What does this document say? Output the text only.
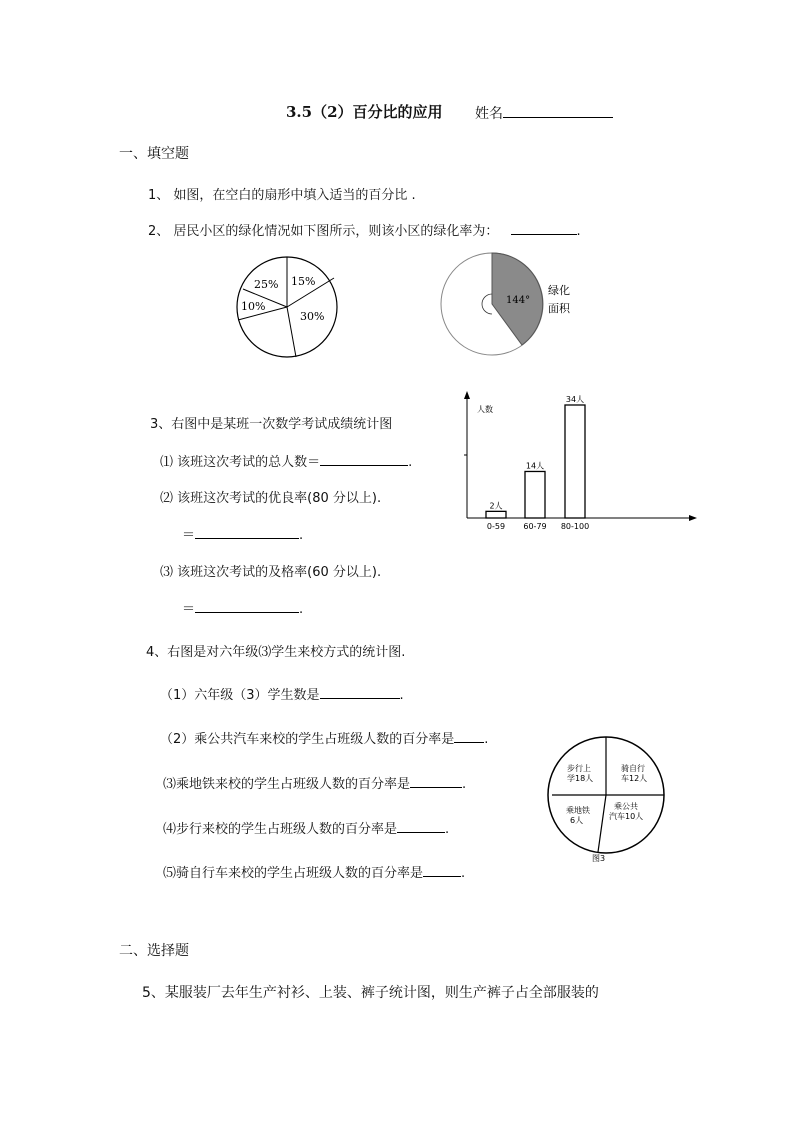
3.5（2）百分比的应用 姓名
一、填空题
1、 如图，在空白的扇形中填入适当的百分比 .
2、 居民小区的绿化情况如下图所示，则该小区的绿化率为：	.
25% 15%
10%
30%
144°
绿化
面积
3、右图中是某班一次数学考试成绩统计图
⑴ 该班这次考试的总人数＝	.
⑵ 该班这次考试的优良率(80 分以上).
＝	.
⑶ 该班这次考试的及格率(60 分以上).
＝	.
人数
2人
0-59
14人
60-79
34人
80-100
4、右图是对六年级⑶学生来校方式的统计图.
（1）六年级（3）学生数是	.
（2）乘公共汽车来校的学生占班级人数的百分率是 .
⑶乘地铁来校的学生占班级人数的百分率是	.
⑷步行来校的学生占班级人数的百分率是	.
⑸骑自行车来校的学生占班级人数的百分率是	.
步行上
学18人
骑自行
车12人
乘公共
汽车10人
乘地铁
6人
图3
二、选择题
5、某服装厂去年生产衬衫、上装、裤子统计图，则生产裤子占全部服装的
